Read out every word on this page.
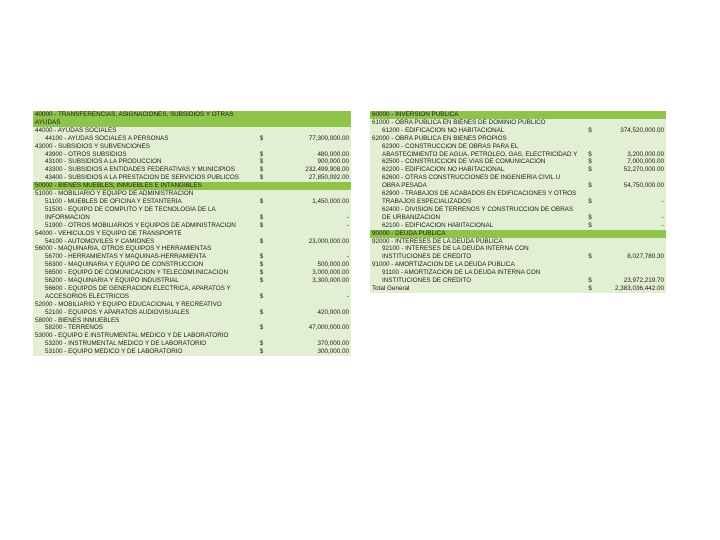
40000 - TRANSFERENCIAS, ASIGNACIONES, SUBSIDIOS Y OTRAS		
AYUDAS		
44000 - AYUDAS SOCIALES		
44100 - AYUDAS SOCIALES A PERSONAS	$	77,300,000.00
43000 - SUBSIDIOS Y SUBVENCIONES		
43900 - OTROS SUBSIDIOS	$	480,000.00
43100 - SUBSIDIOS A LA PRODUCCIÓN	$	900,000.00
43300 - SUBSIDIOS A ENTIDADES FEDERATIVAS Y MUNICIPIOS	$	232,499,908.00
43400 - SUBSIDIOS A LA PRESTACIÓN DE SERVICIOS PÚBLICOS	$	27,850,092.00
50000 - BIENES MUEBLES, INMUEBLES E INTANGIBLES		
51000 - MOBILIARIO Y EQUIPO DE ADMINISTRACIÓN		
51100 - MUEBLES DE OFICINA Y ESTANTERÍA	$	1,450,000.00
51500 - EQUIPO DE CÓMPUTO Y DE TECNOLOGÍA DE LA		
INFORMACIÓN	$	-
51900 - OTROS MOBILIARIOS Y EQUIPOS DE ADMINISTRACIÓN	$	-
54000 - VEHÍCULOS Y EQUIPO DE TRANSPORTE		
54100 - AUTOMÓVILES Y CAMIONES	$	23,000,000.00
56000 - MAQUINARIA, OTROS EQUIPOS Y HERRAMIENTAS		
56700 - HERRAMIENTAS Y MÁQUINAS-HERRAMIENTA	$	-
56300 - MAQUINARIA Y EQUIPO DE CONSTRUCCIÓN	$	500,000.00
56500 - EQUIPO DE COMUNICACIÓN Y TELECOMUNICACIÓN	$	3,000,000.00
56200 - MAQUINARIA Y EQUIPO INDUSTRIAL	$	3,300,000.00
56600 - EQUIPOS DE GENERACIÓN ELÉCTRICA, APARATOS Y		
ACCESORIOS ELÉCTRICOS	$	-
52000 - MOBILIARIO Y EQUIPO EDUCACIONAL Y RECREATIVO		
52100 - EQUIPOS Y APARATOS AUDIOVISUALES	$	420,000.00
58000 - BIENES INMUEBLES		
58200 - TERRENOS	$	47,000,000.00
53000 - EQUIPO E INSTRUMENTAL MÉDICO Y DE LABORATORIO		
53200 - INSTRUMENTAL MÉDICO Y DE LABORATORIO	$	370,000.00
53100 - EQUIPO MÉDICO Y DE LABORATORIO	$	300,000.00
60000 - INVERSIÓN PÚBLICA		
61000 - OBRA PÚBLICA EN BIENES DE DOMINIO PÚBLICO		
61200 - EDIFICACIÓN NO HABITACIONAL	$	374,520,000.00
62000 - OBRA PÚBLICA EN BIENES PROPIOS		
62300 - CONSTRUCCIÓN DE OBRAS PARA EL		
ABASTECIMIENTO DE AGUA, PETRÓLEO, GAS, ELECTRICIDAD Y	$	3,200,000.00
62500 - CONSTRUCCIÓN DE VÍAS DE COMUNICACIÓN	$	7,000,000.00
62200 - EDIFICACIÓN NO HABITACIONAL	$	52,270,000.00
62600 - OTRAS CONSTRUCCIONES DE INGENIERÍA CIVIL U		
OBRA PESADA	$	54,750,000.00
62900 - TRABAJOS DE ACABADOS EN EDIFICACIONES Y OTROS		
TRABAJOS ESPECIALIZADOS	$	-
62400 - DIVISIÓN DE TERRENOS Y CONSTRUCCIÓN DE OBRAS		
DE URBANIZACIÓN	$	-
62100 - EDIFICACIÓN HABITACIONAL	$	-
90000 - DEUDA PÚBLICA		
92000 - INTERESES DE LA DEUDA PÚBLICA		
92100 - INTERESES DE LA DEUDA INTERNA CON		
INSTITUCIONES DE CRÉDITO	$	8,027,780.30
91000 - AMORTIZACIÓN DE LA DEUDA PÚBLICA		
91100 - AMORTIZACIÓN DE LA DEUDA INTERNA CON		
INSTITUCIONES DE CRÉDITO	$	23,972,219.70
Total General	$	2,383,036,442.00
